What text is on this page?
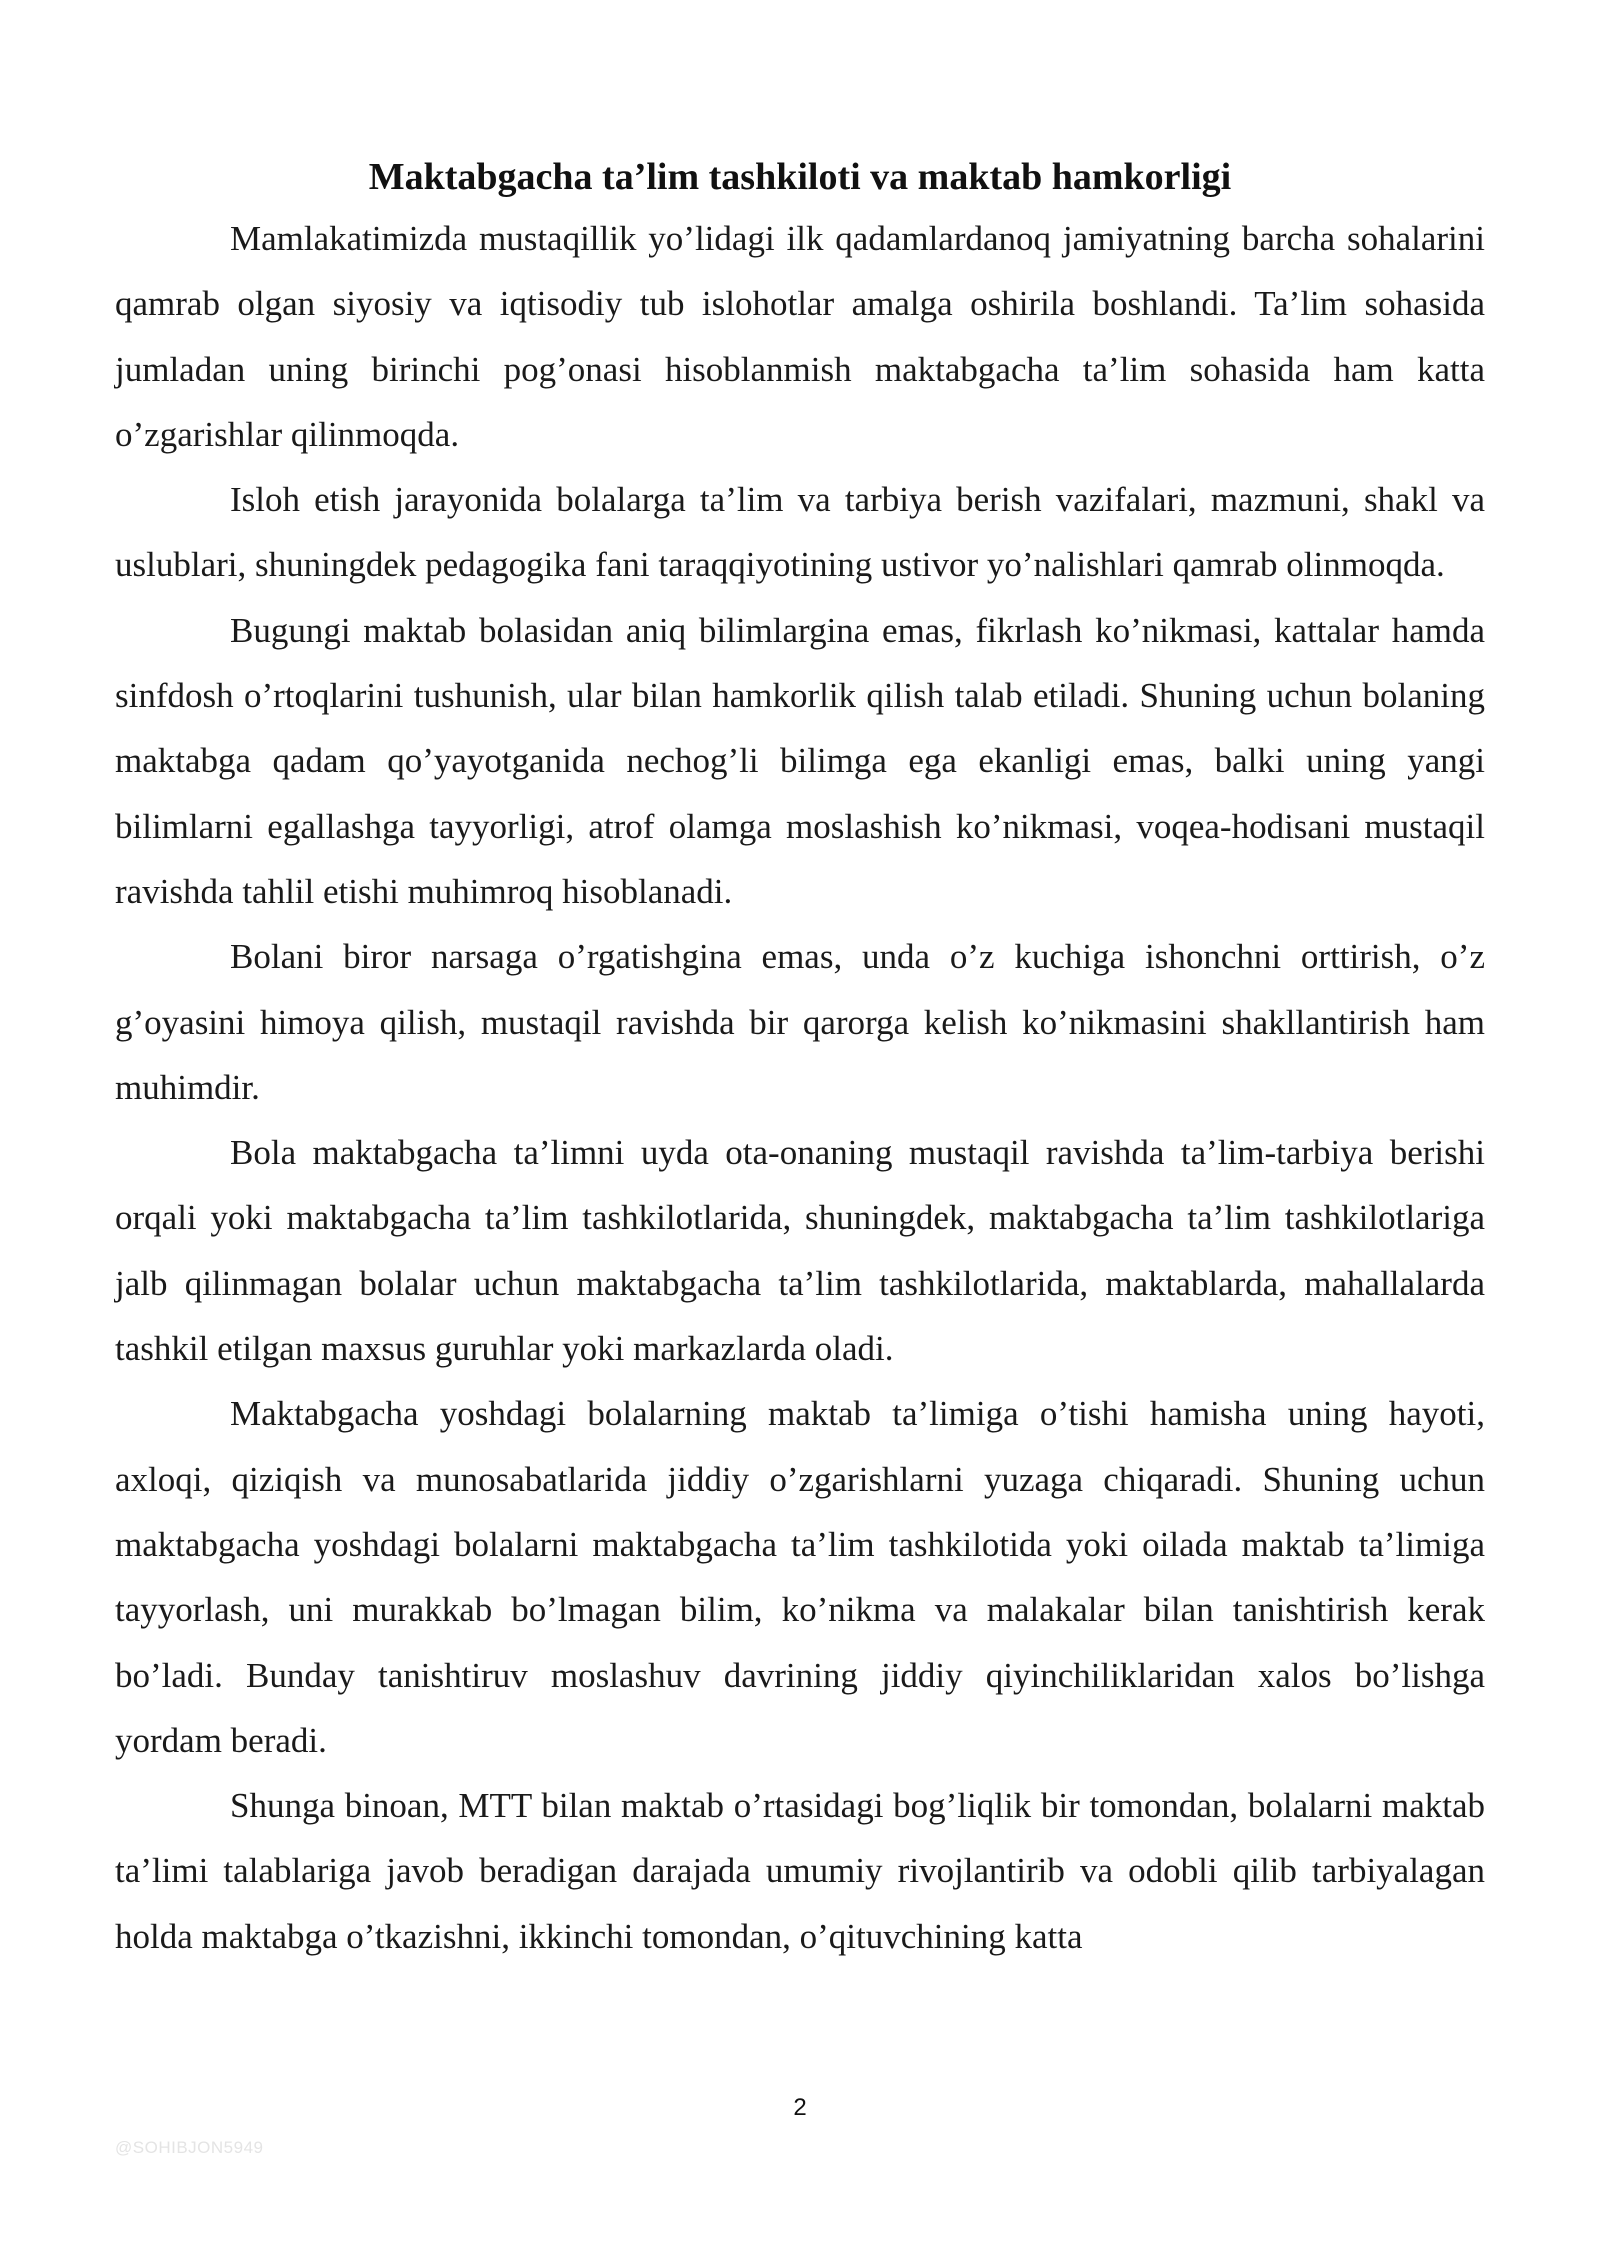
Maktabgacha ta’lim tashkiloti va maktab hamkorligi

Mamlakatimizda mustaqillik yo’lidagi ilk qadamlardanoq jamiyatning barcha sohalarini qamrab olgan siyosiy va iqtisodiy tub islohotlar amalga oshirila boshlandi. Ta’lim sohasida jumladan uning birinchi pog’onasi hisoblanmish maktabgacha ta’lim sohasida ham katta o’zgarishlar qilinmoqda.

Isloh etish jarayonida bolalarga ta’lim va tarbiya berish vazifalari, mazmuni, shakl va uslublari, shuningdek pedagogika fani taraqqiyotining ustivor yo’nalishlari qamrab olinmoqda.

Bugungi maktab bolasidan aniq bilimlargina emas, fikrlash ko’nikmasi, kattalar hamda sinfdosh o’rtoqlarini tushunish, ular bilan hamkorlik qilish talab etiladi. Shuning uchun bolaning maktabga qadam qo’yayotganida nechog’li bilimga ega ekanligi emas, balki uning yangi bilimlarni egallashga tayyorligi, atrof olamga moslashish ko’nikmasi, voqea-hodisani mustaqil ravishda tahlil etishi muhimroq hisoblanadi.

Bolani biror narsaga o’rgatishgina emas, unda o’z kuchiga ishonchni orttirish, o’z g’oyasini himoya qilish, mustaqil ravishda bir qarorga kelish ko’nikmasini shakllantirish ham muhimdir.

Bola maktabgacha ta’limni uyda ota-onaning mustaqil ravishda ta’lim-tarbiya berishi orqali yoki maktabgacha ta’lim tashkilotlarida, shuningdek, maktabgacha ta’lim tashkilotlariga jalb qilinmagan bolalar uchun maktabgacha ta’lim tashkilotlarida, maktablarda, mahallalarda tashkil etilgan maxsus guruhlar yoki markazlarda oladi.

Maktabgacha yoshdagi bolalarning maktab ta’limiga o’tishi hamisha uning hayoti, axloqi, qiziqish va munosabatlarida jiddiy o’zgarishlarni yuzaga chiqaradi. Shuning uchun maktabgacha yoshdagi bolalarni maktabgacha ta’lim tashkilotida yoki oilada maktab ta’limiga tayyorlash, uni murakkab bo’lmagan bilim, ko’nikma va malakalar bilan tanishtirish kerak bo’ladi. Bunday tanishtiruv moslashuv davrining jiddiy qiyinchiliklaridan xalos bo’lishga yordam beradi.

Shunga binoan, MTT bilan maktab o’rtasidagi bog’liqlik bir tomondan, bolalarni maktab ta’limi talablariga javob beradigan darajada umumiy rivojlantirib va odobli qilib tarbiyalagan holda maktabga o’tkazishni, ikkinchi tomondan, o’qituvchining katta

2
@SOHIBJON5949
